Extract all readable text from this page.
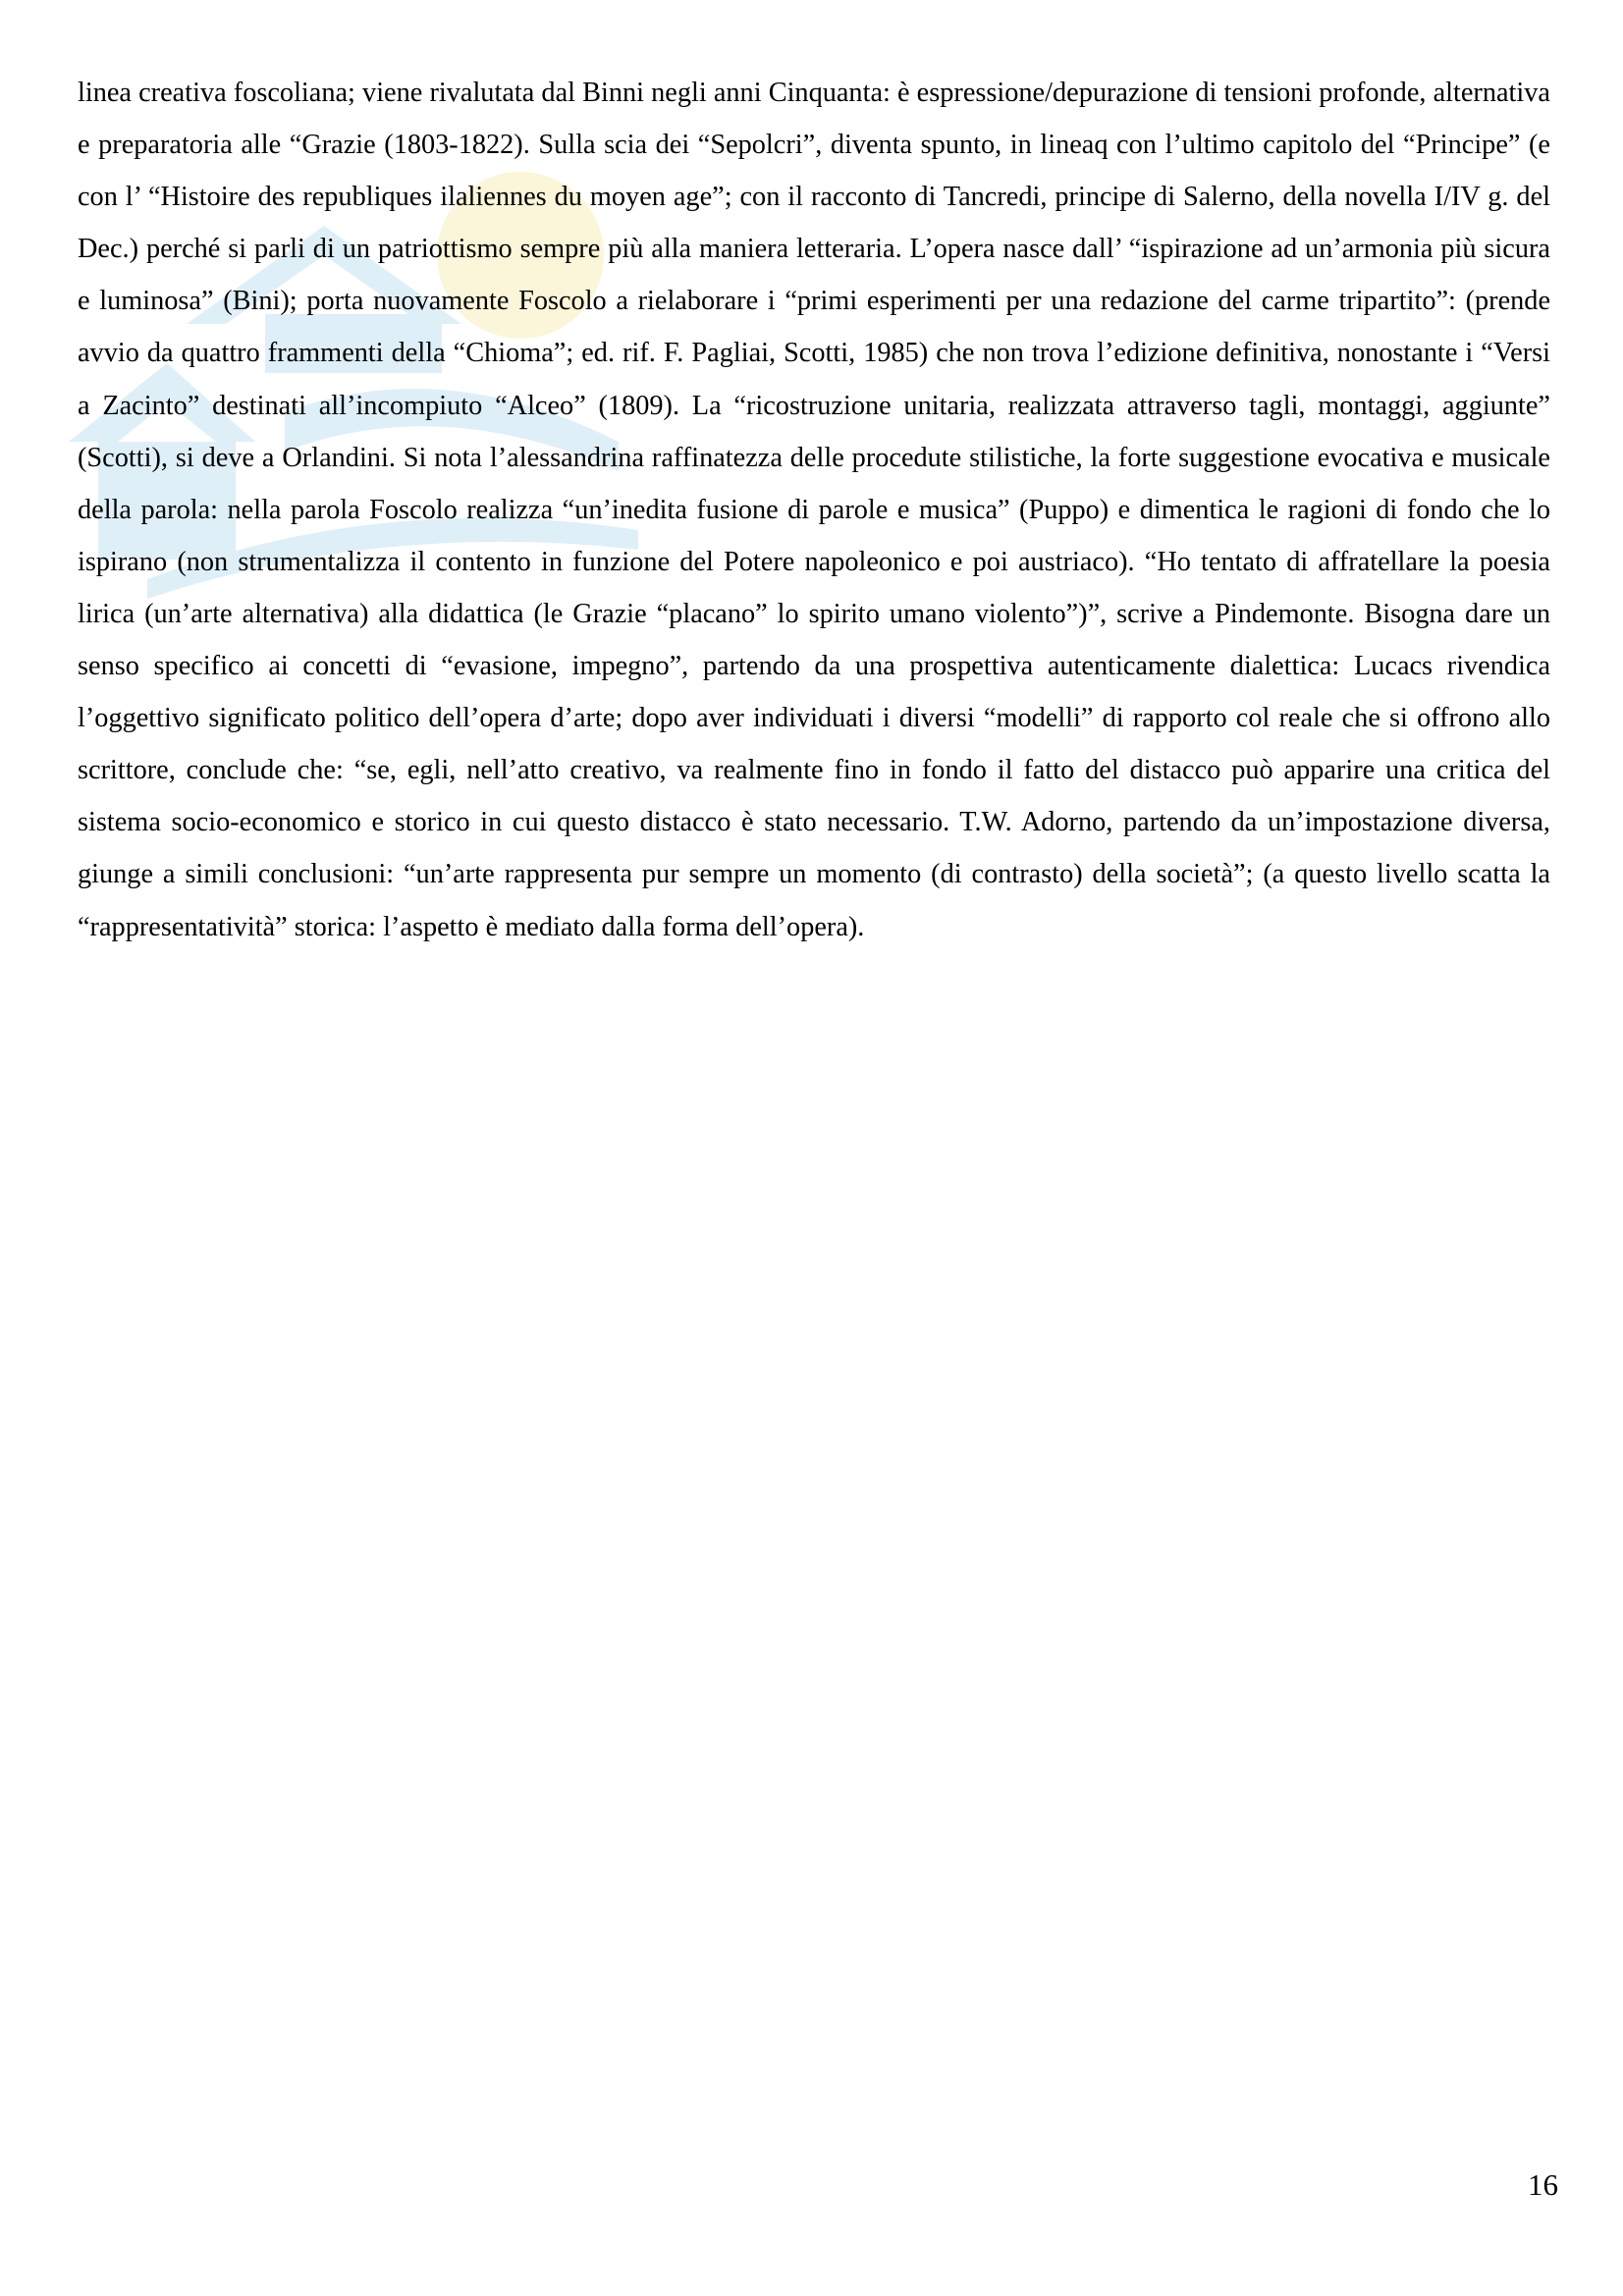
linea creativa foscoliana; viene rivalutata dal Binni negli anni Cinquanta: è espressione/depurazione di tensioni profonde, alternativa e preparatoria alle “Grazie (1803-1822). Sulla scia dei “Sepolcri”, diventa spunto, in lineaq con l’ultimo capitolo del “Principe” (e con l’ “Histoire des republiques ilaliennes du moyen age”; con il racconto di Tancredi, principe di Salerno, della novella I/IV g. del Dec.) perché si parli di un patriottismo sempre più alla maniera letteraria. L’opera nasce dall’ “ispirazione ad un’armonia più sicura e luminosa” (Bini); porta nuovamente Foscolo a rielaborare i “primi esperimenti per una redazione del carme tripartito”: (prende avvio da quattro frammenti della “Chioma”; ed. rif. F. Pagliai, Scotti, 1985) che non trova l’edizione definitiva, nonostante i “Versi a Zacinto” destinati all’incompiuto “Alceo” (1809). La “ricostruzione unitaria, realizzata attraverso tagli, montaggi, aggiunte” (Scotti), si deve a Orlandini. Si nota l’alessandrina raffinatezza delle procedute stilistiche, la forte suggestione evocativa e musicale della parola: nella parola Foscolo realizza “un’inedita fusione di parole e musica” (Puppo) e dimentica le ragioni di fondo che lo ispirano (non strumentalizza il contento in funzione del Potere napoleonico e poi austriaco). “Ho tentato di affratellare la poesia lirica (un’arte alternativa) alla didattica (le Grazie “placano” lo spirito umano violento”)”, scrive a Pindemonte. Bisogna dare un senso specifico ai concetti di “evasione, impegno”, partendo da una prospettiva autenticamente dialettica: Lucacs rivendica l’oggettivo significato politico dell’opera d’arte; dopo aver individuati i diversi “modelli” di rapporto col reale che si offrono allo scrittore, conclude che: “se, egli, nell’atto creativo, va realmente fino in fondo il fatto del distacco può apparire una critica del sistema socio-economico e storico in cui questo distacco è stato necessario. T.W. Adorno, partendo da un’impostazione diversa, giunge a simili conclusioni: “un’arte rappresenta pur sempre un momento (di contrasto) della società”; (a questo livello scatta la “rappresentatività” storica: l’aspetto è mediato dalla forma dell’opera).

16
